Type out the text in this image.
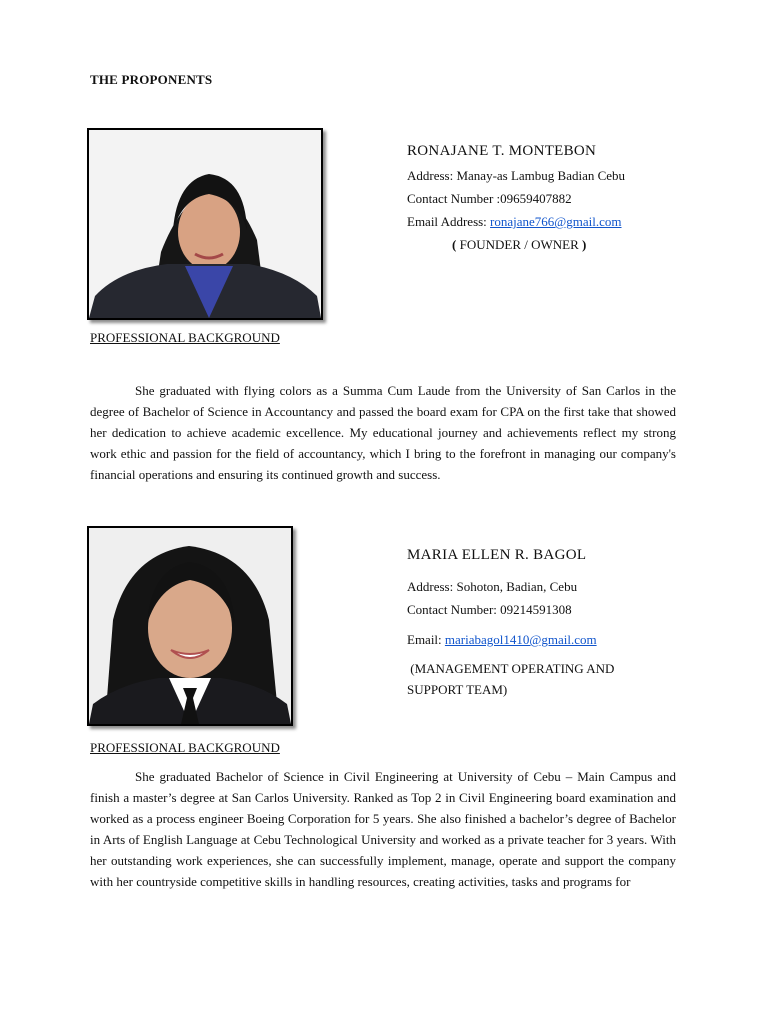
THE PROPONENTS
RONAJANE T. MONTEBON
Address: Manay-as Lambug Badian Cebu
Contact Number :09659407882
Email Address: ronajane766@gmail.com
( FOUNDER / OWNER )
PROFESSIONAL BACKGROUND
She graduated with flying colors as a Summa Cum Laude from the University of San Carlos in the degree of Bachelor of Science in Accountancy and passed the board exam for CPA on the first take that showed her dedication to achieve academic excellence. My educational journey and achievements reflect my strong work ethic and passion for the field of accountancy, which I bring to the forefront in managing our company's financial operations and ensuring its continued growth and success.
MARIA ELLEN R. BAGOL
Address: Sohoton, Badian, Cebu
Contact Number: 09214591308
Email: mariabagol1410@gmail.com
(MANAGEMENT OPERATING AND
SUPPORT TEAM)
PROFESSIONAL BACKGROUND
She graduated Bachelor of Science in Civil Engineering at University of Cebu – Main Campus and finish a master’s degree at San Carlos University. Ranked as Top 2 in Civil Engineering board examination and worked as a process engineer Boeing Corporation for 5 years. She also finished a bachelor’s degree of Bachelor in Arts of English Language at Cebu Technological University and worked as a private teacher for 3 years. With her outstanding work experiences, she can successfully implement, manage, operate and support the company with her countryside competitive skills in handling resources, creating activities, tasks and programs for
